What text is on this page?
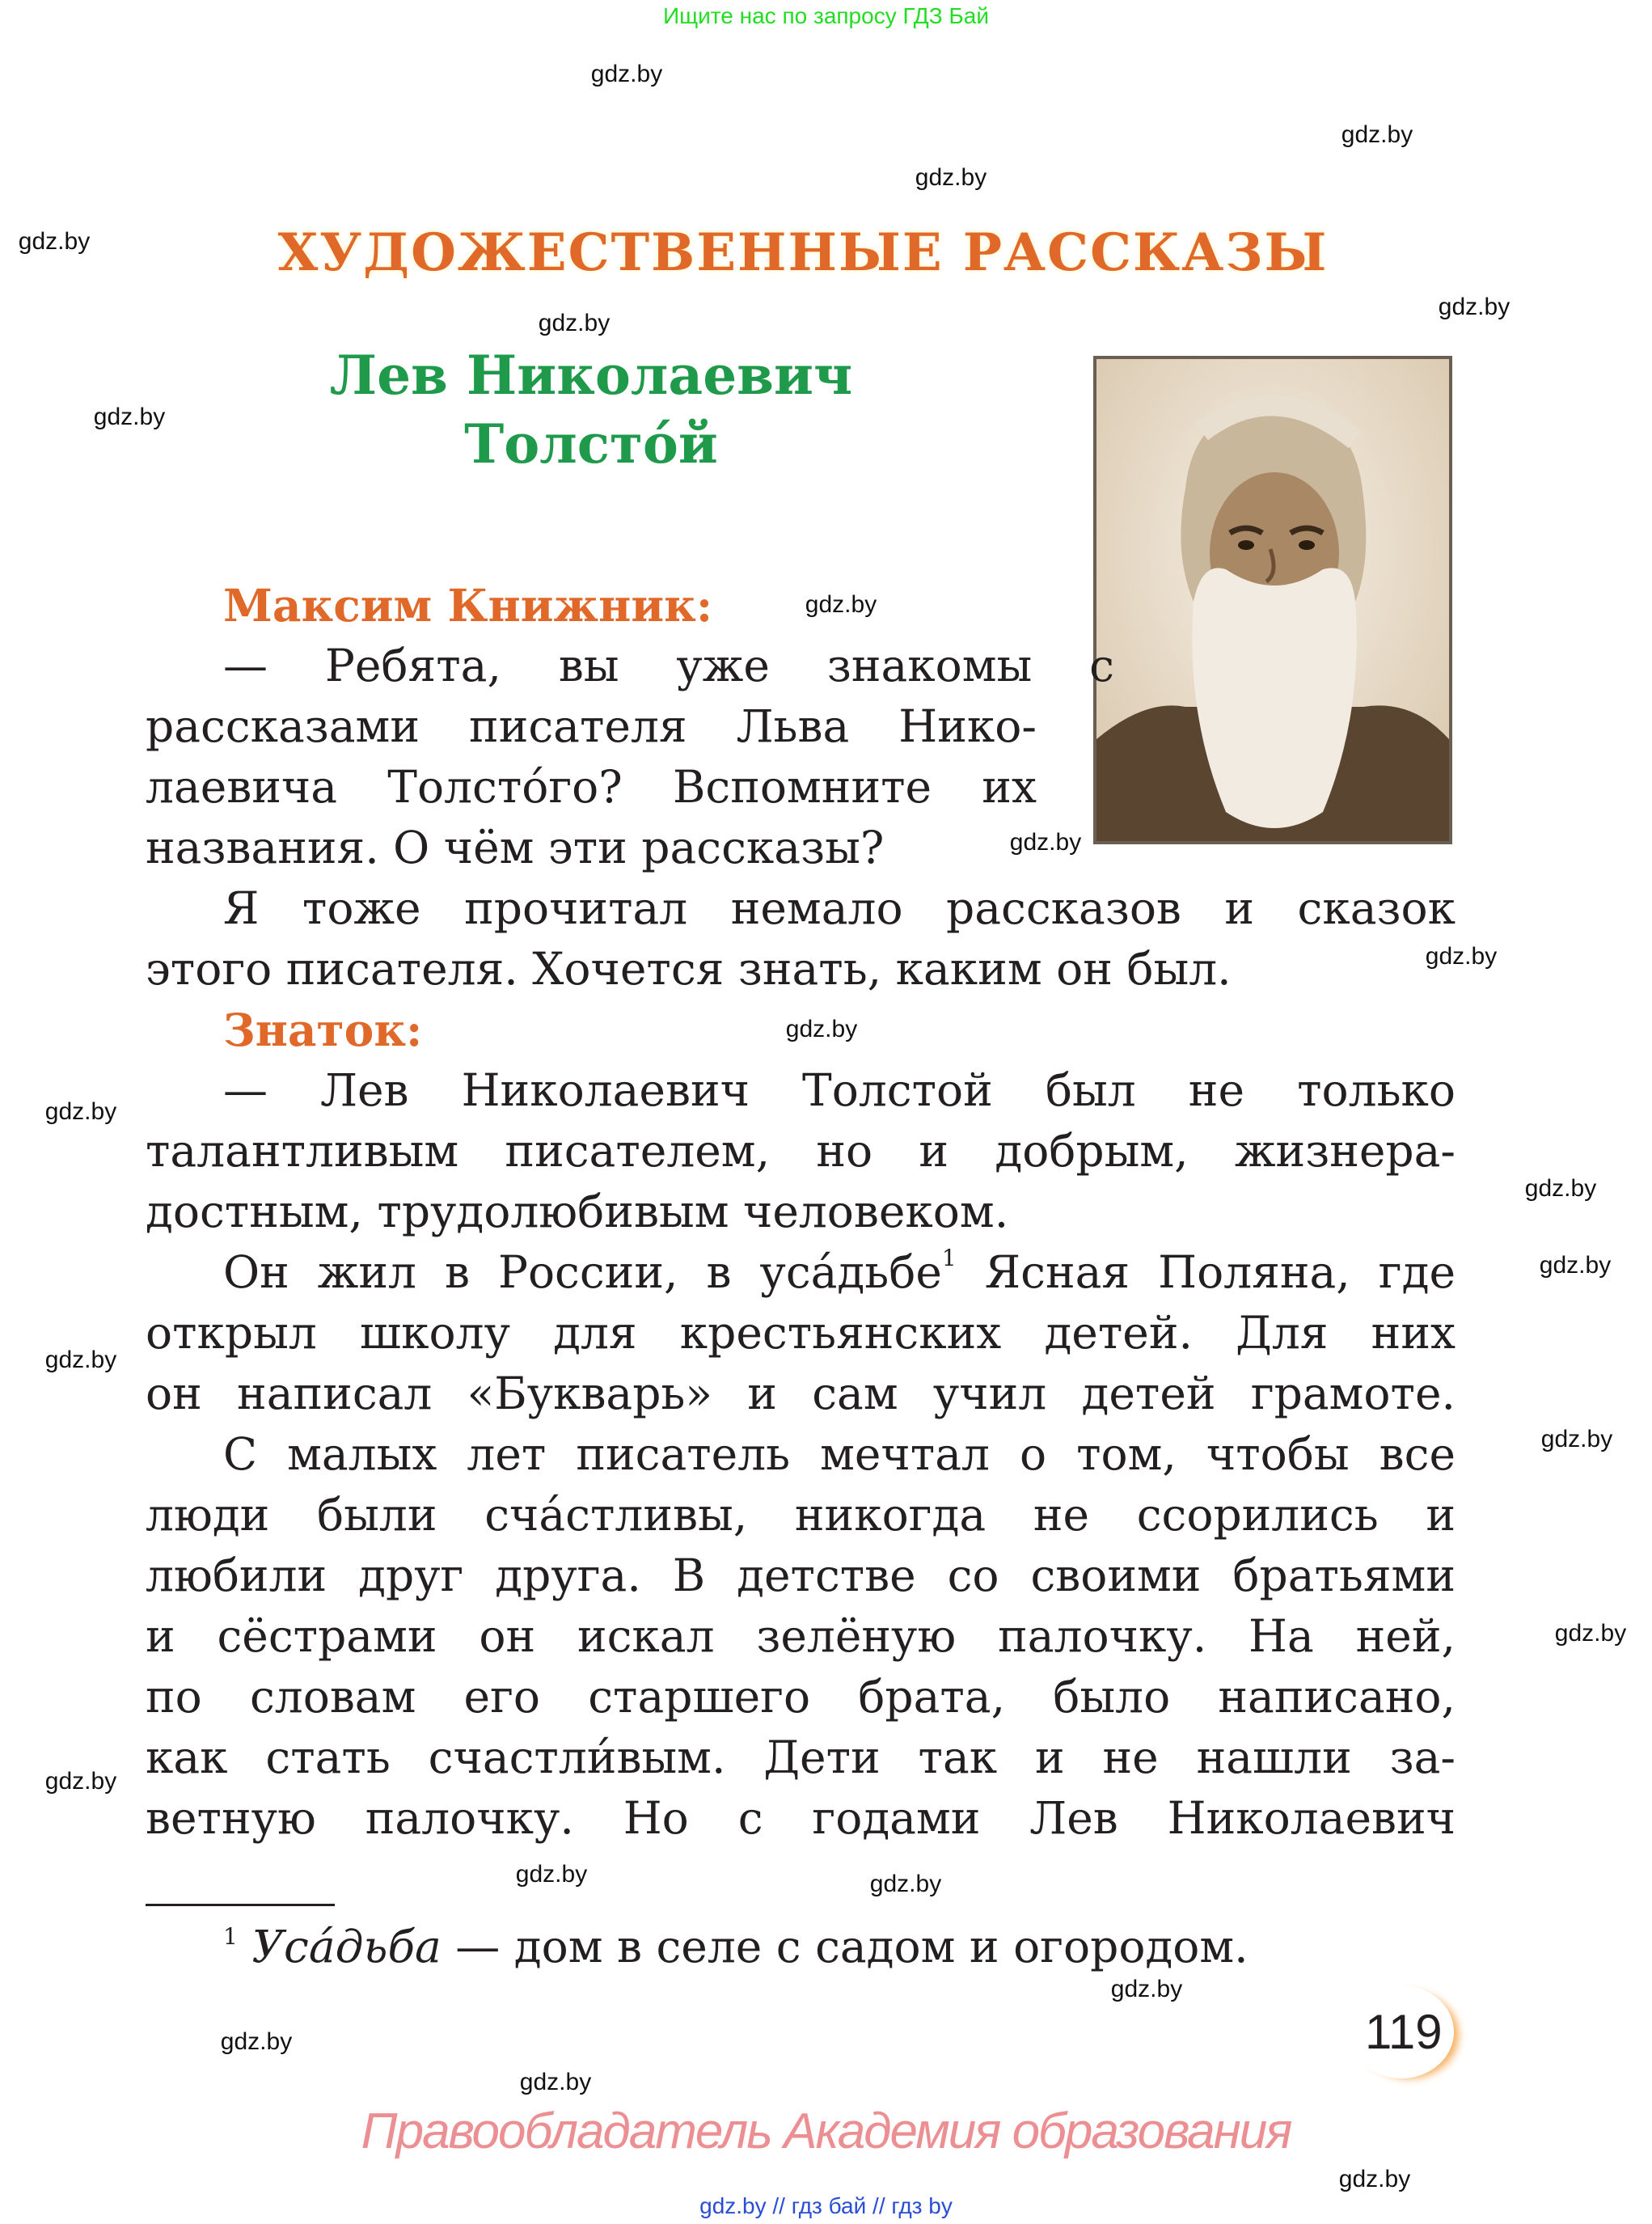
Ищите нас по запросу ГДЗ Бай
ХУДОЖЕСТВЕННЫЕ РАССКАЗЫ
Лев Николаевич
Толсто́й
Максим Книжник:
— Ребята, вы уже знакомы с
рассказами писателя Льва Нико-
лаевича Толсто́го? Вспомните их
названия. О чём эти рассказы?
Я тоже прочитал немало рассказов и сказок
этого писателя. Хочется знать, каким он был.
Знаток:
— Лев Николаевич Толстой был не только
талантливым писателем, но и добрым, жизнера-
достным, трудолюбивым человеком.
Он жил в России, в уса́дьбе$^1$ Ясная Поляна, где
открыл школу для крестьянских детей. Для них
он написал «Букварь» и сам учил детей грамоте.
С малых лет писатель мечтал о том, чтобы все
люди были сча́стливы, никогда не ссорились и
любили друг друга. В детстве со своими братьями
и сёстрами он искал зелёную палочку. На ней,
по словам его старшего брата, было написано,
как стать счастли́вым. Дети так и не нашли за-
ветную палочку. Но с годами Лев Николаевич
$^1$ Уса́дьба — дом в селе с садом и огородом.
119
Правообладатель Академия образования
gdz.by // гдз бай // гдз by
gdz.by
gdz.by
gdz.by
gdz.by
gdz.by
gdz.by
gdz.by
gdz.by
gdz.by
gdz.by
gdz.by
gdz.by
gdz.by
gdz.by
gdz.by
gdz.by
gdz.by
gdz.by
gdz.by	gdz.by
gdz.by
gdz.by
gdz.by
gdz.by
